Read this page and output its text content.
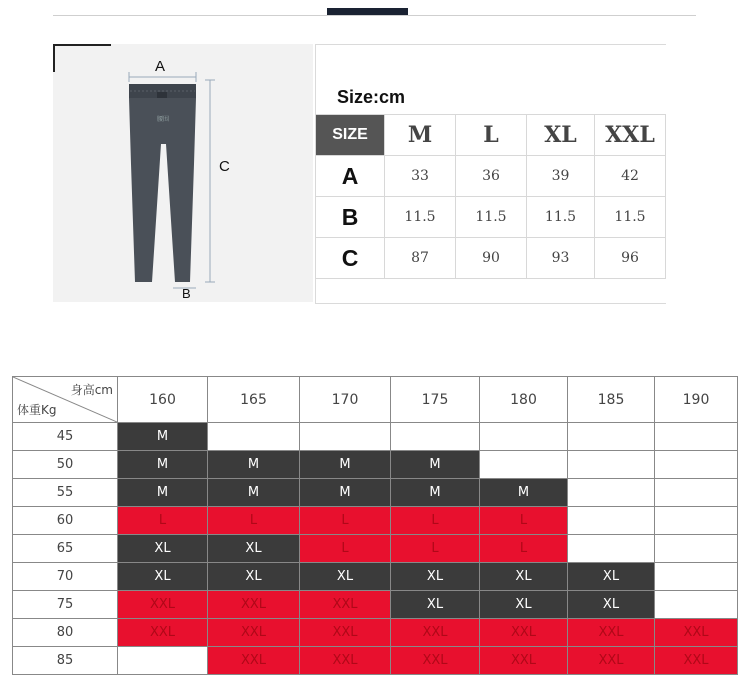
腰围
A
C
B
Size:cm
SIZE	M	L	XL	XXL
A	33	36	39	42
B	11.5	11.5	11.5	11.5
C	87	90	93	96
身高cm
体重Kg	160	165	170	175	180	185	190
45	M						
50	M	M	M	M			
55	M	M	M	M	M		
60	L	L	L	L	L		
65	XL	XL	L	L	L		
70	XL	XL	XL	XL	XL	XL	
75	XXL	XXL	XXL	XL	XL	XL	
80	XXL	XXL	XXL	XXL	XXL	XXL	XXL
85		XXL	XXL	XXL	XXL	XXL	XXL
